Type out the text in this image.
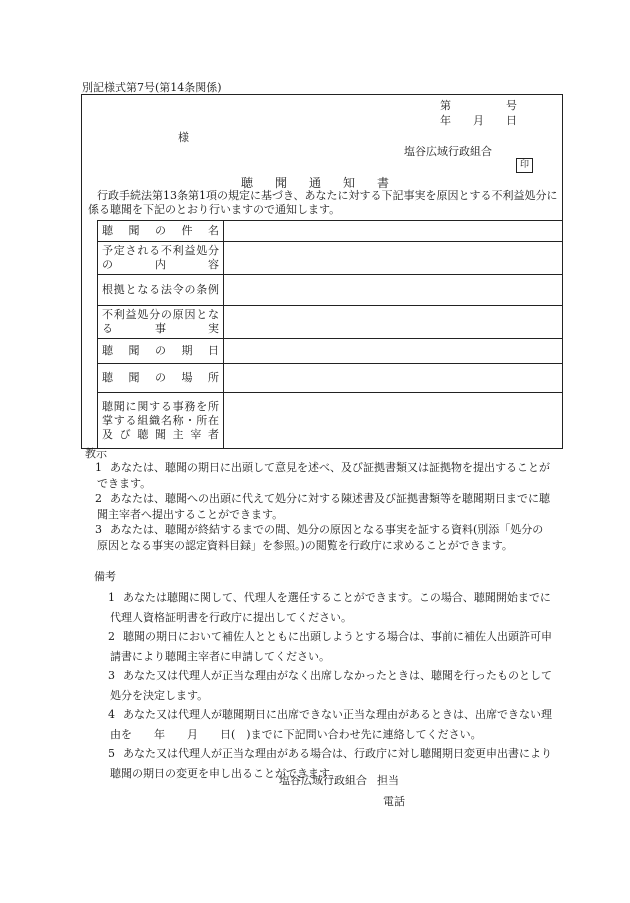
別記様式第7号(第14条関係)
第　　　　　号
年　　月　　日
様
塩谷広域行政組合
印
聴聞通知書
行政手続法第13条第1項の規定に基づき、あなたに対する下記事実を原因とする不利益処分に係る聴聞を下記のとおり行いますので通知します。
聴聞の件名	
予定される不利益処分の内容	
根拠となる法令の条例	
不利益処分の原因となる事実	
聴聞の期日	
聴聞の場所	
聴聞に関する事務を所掌する組織名称・所在及び聴聞主宰者	
教示

1 あなたは、聴聞の期日に出頭して意見を述べ、及び証拠書類又は証拠物を提出することができます。

2 あなたは、聴聞への出頭に代えて処分に対する陳述書及び証拠書類等を聴聞期日までに聴聞主宰者へ提出することができます。

3 あなたは、聴聞が終結するまでの間、処分の原因となる事実を証する資料(別添「処分の原因となる事実の認定資料目録」を参照。)の閲覧を行政庁に求めることができます。

備考

1 あなたは聴聞に関して、代理人を選任することができます。この場合、聴聞開始までに代理人資格証明書を行政庁に提出してください。

2 聴聞の期日において補佐人とともに出頭しようとする場合は、事前に補佐人出頭許可申請書により聴聞主宰者に申請してください。

3 あなた又は代理人が正当な理由がなく出席しなかったときは、聴聞を行ったものとして処分を決定します。

4 あなた又は代理人が聴聞期日に出席できない正当な理由があるときは、出席できない理由を　　年　　月　　日(　)までに下記問い合わせ先に連絡してください。

5 あなた又は代理人が正当な理由がある場合は、行政庁に対し聴聞期日変更申出書により聴聞の期日の変更を申し出ることができます。

塩谷広域行政組合 担当
電話
